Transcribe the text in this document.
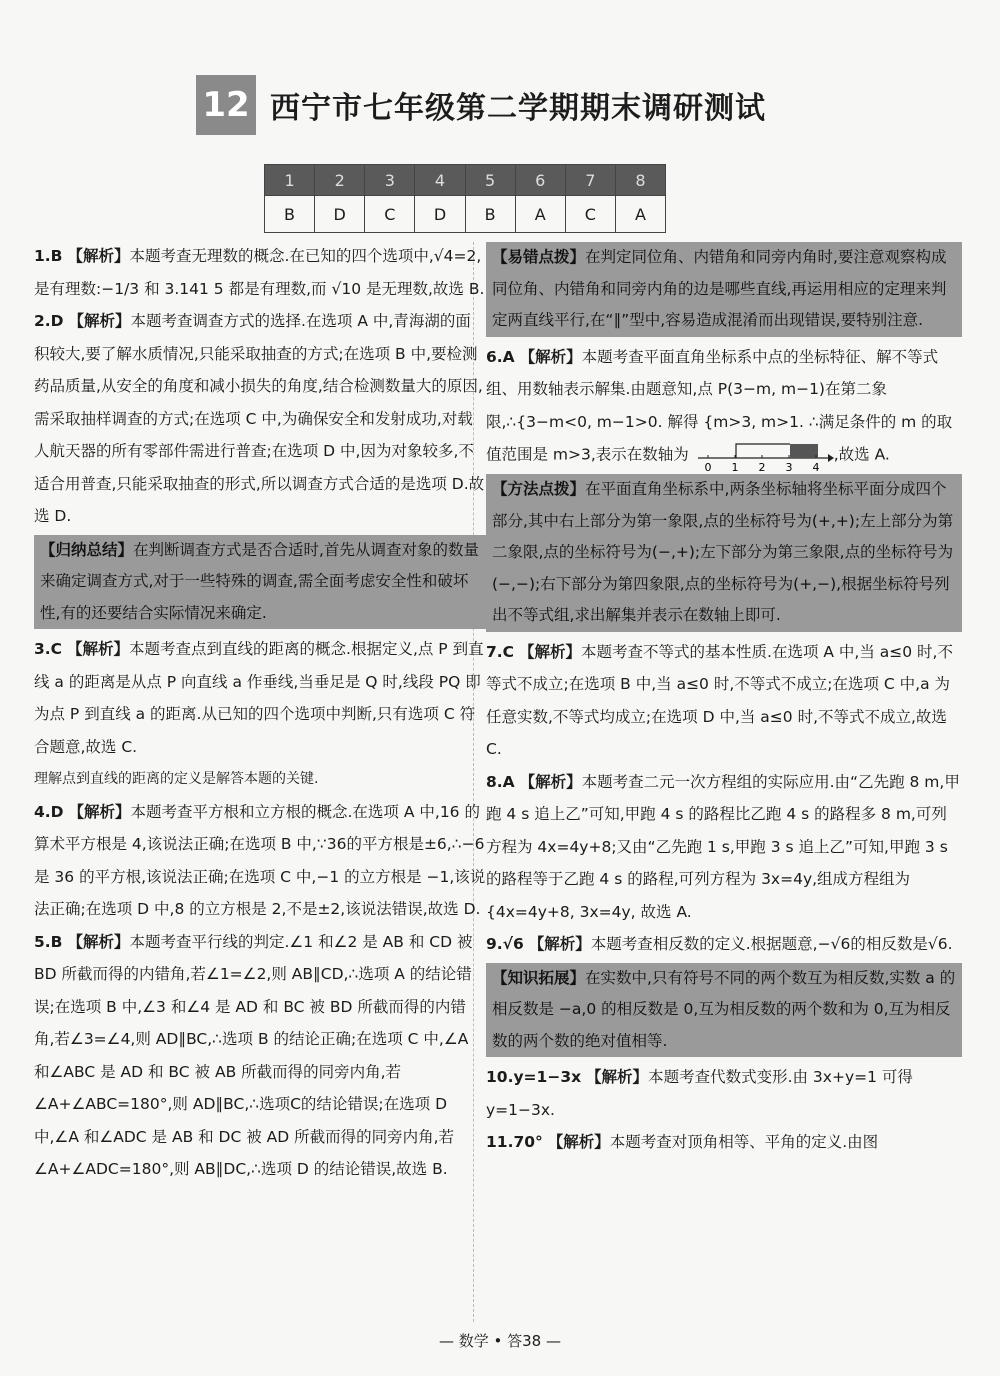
12 西宁市七年级第二学期期末调研测试
1	2	3	4	5	6	7	8
B	D	C	D	B	A	C	A

1.B 【解析】本题考查无理数的概念.在已知的四个选项中,√4=2,是有理数:−1/3 和 3.141 5 都是有理数,而 √10 是无理数,故选 B.

2.D 【解析】本题考查调查方式的选择.在选项 A 中,青海湖的面积较大,要了解水质情况,只能采取抽查的方式;在选项 B 中,要检测药品质量,从安全的角度和减小损失的角度,结合检测数量大的原因,需采取抽样调查的方式;在选项 C 中,为确保安全和发射成功,对载人航天器的所有零部件需进行普查;在选项 D 中,因为对象较多,不适合用普查,只能采取抽查的形式,所以调查方式合适的是选项 D.故选 D.

【归纳总结】在判断调查方式是否合适时,首先从调查对象的数量来确定调查方式,对于一些特殊的调查,需全面考虑安全性和破坏性,有的还要结合实际情况来确定.

3.C 【解析】本题考查点到直线的距离的概念.根据定义,点 P 到直线 a 的距离是从点 P 向直线 a 作垂线,当垂足是 Q 时,线段 PQ 即为点 P 到直线 a 的距离.从已知的四个选项中判断,只有选项 C 符合题意,故选 C.

理解点到直线的距离的定义是解答本题的关键.

4.D 【解析】本题考查平方根和立方根的概念.在选项 A 中,16 的算术平方根是 4,该说法正确;在选项 B 中,∵36的平方根是±6,∴−6 是 36 的平方根,该说法正确;在选项 C 中,−1 的立方根是 −1,该说法正确;在选项 D 中,8 的立方根是 2,不是±2,该说法错误,故选 D.

5.B 【解析】本题考查平行线的判定.∠1 和∠2 是 AB 和 CD 被 BD 所截而得的内错角,若∠1=∠2,则 AB∥CD,∴选项 A 的结论错误;在选项 B 中,∠3 和∠4 是 AD 和 BC 被 BD 所截而得的内错角,若∠3=∠4,则 AD∥BC,∴选项 B 的结论正确;在选项 C 中,∠A 和∠ABC 是 AD 和 BC 被 AB 所截而得的同旁内角,若∠A+∠ABC=180°,则 AD∥BC,∴选项C的结论错误;在选项 D 中,∠A 和∠ADC 是 AB 和 DC 被 AD 所截而得的同旁内角,若∠A+∠ADC=180°,则 AB∥DC,∴选项 D 的结论错误,故选 B.

【易错点拨】在判定同位角、内错角和同旁内角时,要注意观察构成同位角、内错角和同旁内角的边是哪些直线,再运用相应的定理来判定两直线平行,在“∥”型中,容易造成混淆而出现错误,要特别注意.

6.A 【解析】本题考查平面直角坐标系中点的坐标特征、解不等式组、用数轴表示解集.由题意知,点 P(3−m, m−1)在第二象限,∴{3−m<0, m−1>0. 解得 {m>3, m>1. ∴满足条件的 m 的取值范围是 m>3,表示在数轴为
0 1 2 3 4
,故选 A.

【方法点拨】在平面直角坐标系中,两条坐标轴将坐标平面分成四个部分,其中右上部分为第一象限,点的坐标符号为(+,+);左上部分为第二象限,点的坐标符号为(−,+);左下部分为第三象限,点的坐标符号为(−,−);右下部分为第四象限,点的坐标符号为(+,−),根据坐标符号列出不等式组,求出解集并表示在数轴上即可.

7.C 【解析】本题考查不等式的基本性质.在选项 A 中,当 a≤0 时,不等式不成立;在选项 B 中,当 a≤0 时,不等式不成立;在选项 C 中,a 为任意实数,不等式均成立;在选项 D 中,当 a≤0 时,不等式不成立,故选 C.

8.A 【解析】本题考查二元一次方程组的实际应用.由“乙先跑 8 m,甲跑 4 s 追上乙”可知,甲跑 4 s 的路程比乙跑 4 s 的路程多 8 m,可列方程为 4x=4y+8;又由“乙先跑 1 s,甲跑 3 s 追上乙”可知,甲跑 3 s 的路程等于乙跑 4 s 的路程,可列方程为 3x=4y,组成方程组为 {4x=4y+8, 3x=4y, 故选 A.

9.√6 【解析】本题考查相反数的定义.根据题意,−√6的相反数是√6.

【知识拓展】在实数中,只有符号不同的两个数互为相反数,实数 a 的相反数是 −a,0 的相反数是 0,互为相反数的两个数和为 0,互为相反数的两个数的绝对值相等.

10.y=1−3x 【解析】本题考查代数式变形.由 3x+y=1 可得 y=1−3x.

11.70° 【解析】本题考查对顶角相等、平角的定义.由图

— 数学 • 答38 —
